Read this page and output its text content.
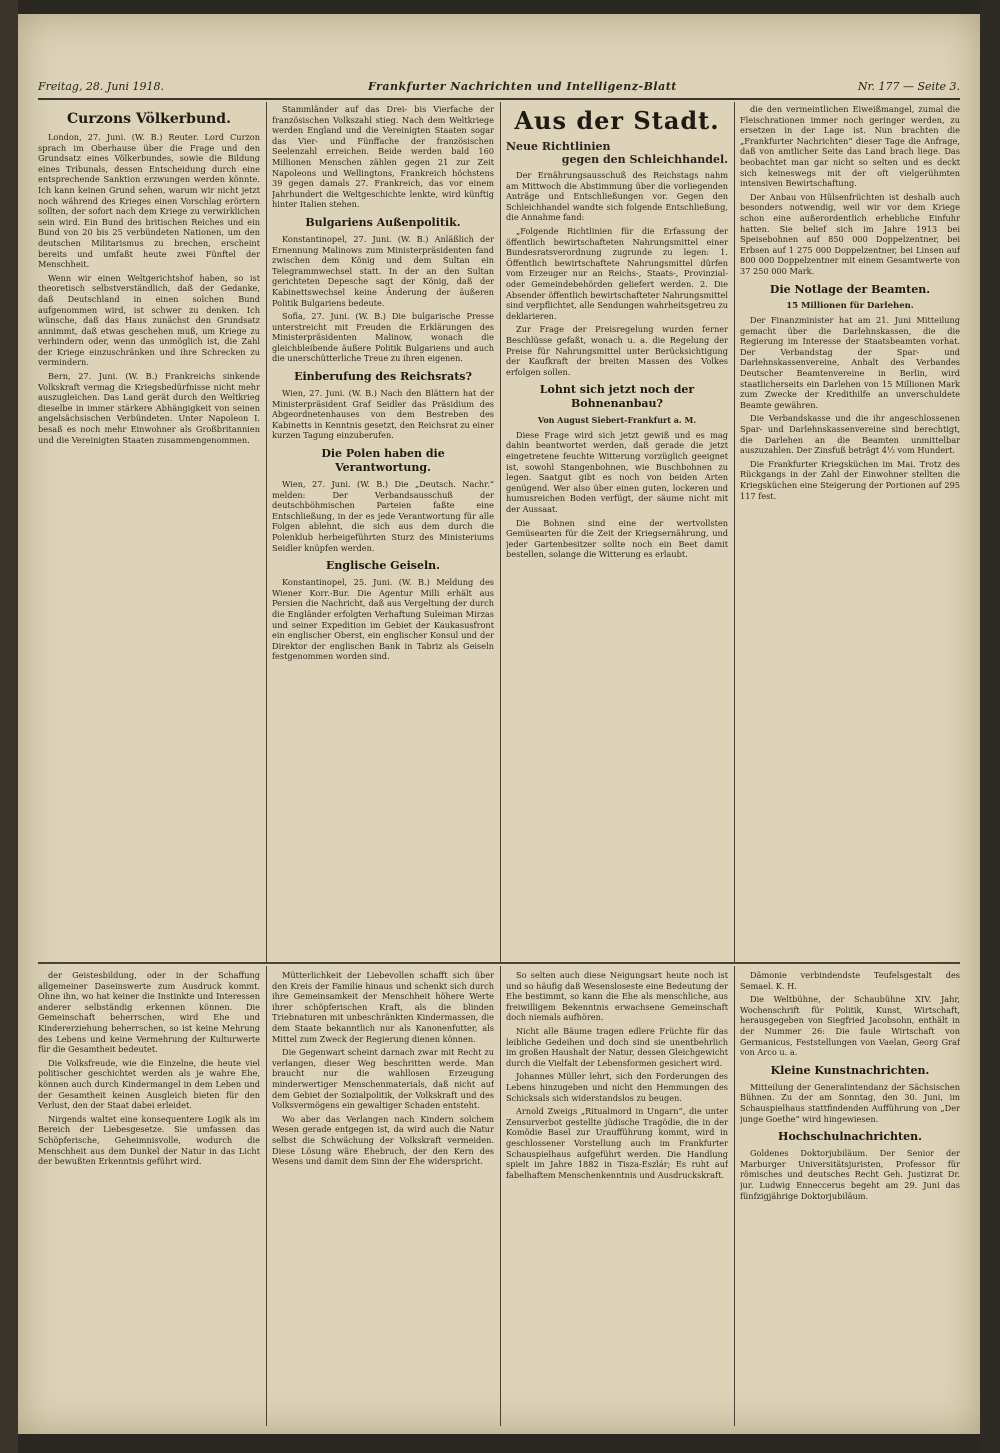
Freitag, 28. Juni 1918.	Frankfurter Nachrichten und Intelligenz-Blatt	Nr. 177 — Seite 3.
Curzons Völkerbund.

London, 27. Juni. (W. B.) Reuter. Lord Curzon sprach im Oberhause über die Frage und den Grundsatz eines Völkerbundes, sowie die Bildung eines Tribunals, dessen Entscheidung durch eine entsprechende Sanktion erzwungen werden könnte. Ich kann keinen Grund sehen, warum wir nicht jetzt noch während des Krieges einen Vorschlag erörtern sollten, der sofort nach dem Kriege zu verwirklichen sein wird. Ein Bund des britischen Reiches und ein Bund von 20 bis 25 verbündeten Nationen, um den deutschen Militarismus zu brechen, erscheint bereits und umfaßt heute zwei Fünftel der Menschheit.

Wenn wir einen Weltgerichtshof haben, so ist theoretisch selbstverständlich, daß der Gedanke, daß Deutschland in einen solchen Bund aufgenommen wird, ist schwer zu denken. Ich wünsche, daß das Haus zunächst den Grundsatz annimmt, daß etwas geschehen muß, um Kriege zu verhindern oder, wenn das unmöglich ist, die Zahl der Kriege einzuschränken und ihre Schrecken zu vermindern.

Bern, 27. Juni. (W. B.) Frankreichs sinkende Volkskraft vermag die Kriegsbedürfnisse nicht mehr auszugleichen. Das Land gerät durch den Weltkrieg dieselbe in immer stärkere Abhängigkeit von seinen angelsächsischen Verbündeten. Unter Napoleon I. besaß es noch mehr Einwohner als Großbritannien und die Vereinigten Staaten zusammengenommen.

Stammländer auf das Drei- bis Vierfache der französischen Volkszahl stieg. Nach dem Weltkriege werden England und die Vereinigten Staaten sogar das Vier- und Fünffache der französischen Seelenzahl erreichen. Beide werden bald 160 Millionen Menschen zählen gegen 21 zur Zeit Napoleons und Wellingtons, Frankreich höchstens 39 gegen damals 27. Frankreich, das vor einem Jahrhundert die Weltgeschichte lenkte, wird künftig hinter Italien stehen.

Bulgariens Außenpolitik.

Konstantinopel, 27. Juni. (W. B.) Anläßlich der Ernennung Malinows zum Ministerpräsidenten fand zwischen dem König und dem Sultan ein Telegrammwechsel statt. In der an den Sultan gerichteten Depesche sagt der König, daß der Kabinettswechsel keine Änderung der äußeren Politik Bulgariens bedeute.

Sofia, 27. Juni. (W. B.) Die bulgarische Presse unterstreicht mit Freuden die Erklärungen des Ministerpräsidenten Malinow, wonach die gleichbleibende äußere Politik Bulgariens und auch die unerschütterliche Treue zu ihren eigenen.

Einberufung des Reichsrats?

Wien, 27. Juni. (W. B.) Nach den Blättern hat der Ministerpräsident Graf Seidler das Präsidium des Abgeordnetenhauses von dem Bestreben des Kabinetts in Kenntnis gesetzt, den Reichsrat zu einer kurzen Tagung einzuberufen.

Die Polen haben die Verantwortung.

Wien, 27. Juni. (W. B.) Die „Deutsch. Nachr.“ melden: Der Verbandsausschuß der deutschböhmischen Parteien faßte eine Entschließung, in der es jede Verantwortung für alle Folgen ablehnt, die sich aus dem durch die Polenklub herbeigeführten Sturz des Ministeriums Seidler knüpfen werden.

Englische Geiseln.

Konstantinopel, 25. Juni. (W. B.) Meldung des Wiener Korr.-Bur. Die Agentur Milli erhält aus Persien die Nachricht, daß aus Vergeltung der durch die Engländer erfolgten Verhaftung Suleiman Mirzas und seiner Expedition im Gebiet der Kaukasusfront ein englischer Oberst, ein englischer Konsul und der Direktor der englischen Bank in Tabriz als Geiseln festgenommen worden sind.

Aus der Stadt.
Neue Richtlinien
gegen den Schleichhandel.

Der Ernährungsausschuß des Reichstags nahm am Mittwoch die Abstimmung über die vorliegenden Anträge und Entschließungen vor. Gegen den Schleichhandel wandte sich folgende Entschließung, die Annahme fand:

„Folgende Richtlinien für die Erfassung der öffentlich bewirtschafteten Nahrungsmittel einer Bundesratsverordnung zugrunde zu legen: 1. Öffentlich bewirtschaftete Nahrungsmittel dürfen vom Erzeuger nur an Reichs-, Staats-, Provinzial- oder Gemeindebehörden geliefert werden. 2. Die Absender öffentlich bewirtschafteter Nahrungsmittel sind verpflichtet, alle Sendungen wahrheitsgetreu zu deklarieren.

Zur Frage der Preisregelung wurden ferner Beschlüsse gefaßt, wonach u. a. die Regelung der Preise für Nahrungsmittel unter Berücksichtigung der Kaufkraft der breiten Massen des Volkes erfolgen sollen.

Lohnt sich jetzt noch der Bohnenanbau?
Von August Siebert-Frankfurt a. M.

Diese Frage wird sich jetzt gewiß und es mag dahin beantwortet werden, daß gerade die jetzt eingetretene feuchte Witterung vorzüglich geeignet ist, sowohl Stangenbohnen, wie Buschbohnen zu legen. Saatgut gibt es noch von beiden Arten genügend. Wer also über einen guten, lockeren und humusreichen Boden verfügt, der säume nicht mit der Aussaat.

Die Bohnen sind eine der wertvollsten Gemüsearten für die Zeit der Kriegsernährung, und jeder Gartenbesitzer sollte noch ein Beet damit bestellen, solange die Witterung es erlaubt.

die den vermeintlichen Eiweißmangel, zumal die Fleischrationen immer noch geringer werden, zu ersetzen in der Lage ist. Nun brachten die „Frankfurter Nachrichten“ dieser Tage die Anfrage, daß von amtlicher Seite das Land brach liege. Das beobachtet man gar nicht so selten und es deckt sich keineswegs mit der oft vielgerühmten intensiven Bewirtschaftung.

Der Anbau von Hülsenfrüchten ist deshalb auch besonders notwendig, weil wir vor dem Kriege schon eine außerordentlich erhebliche Einfuhr hatten. Sie belief sich im Jahre 1913 bei Speisebohnen auf 850 000 Doppelzentner, bei Erbsen auf 1 275 000 Doppelzentner, bei Linsen auf 800 000 Doppelzentner mit einem Gesamtwerte von 37 250 000 Mark.

Die Notlage der Beamten.
15 Millionen für Darlehen.

Der Finanzminister hat am 21. Juni Mitteilung gemacht über die Darlehnskassen, die die Regierung im Interesse der Staatsbeamten vorhat. Der Verbandstag der Spar- und Darlehnskassenvereine, Anhalt des Verbandes Deutscher Beamtenvereine in Berlin, wird staatlicherseits ein Darlehen von 15 Millionen Mark zum Zwecke der Kredithilfe an unverschuldete Beamte gewähren.

Die Verbandskasse und die ihr angeschlossenen Spar- und Darlehnskassenvereine sind berechtigt, die Darlehen an die Beamten unmittelbar auszuzahlen. Der Zinsfuß beträgt 4½ vom Hundert.

Die Frankfurter Kriegsküchen im Mai. Trotz des Rückgangs in der Zahl der Einwohner stellten die Kriegsküchen eine Steigerung der Portionen auf 295 117 fest.

der Geistesbildung, oder in der Schaffung allgemeiner Daseinswerte zum Ausdruck kommt. Ohne ihn, wo hat keiner die Instinkte und Interessen anderer selbständig erkennen können. Die Gemeinschaft beherrschen, wird Ehe und Kindererziehung beherrschen, so ist keine Mehrung des Lebens und keine Vermehrung der Kulturwerte für die Gesamtheit bedeutet.

Die Volksfreude, wie die Einzelne, die heute viel politischer geschichtet werden als je wahre Ehe, können auch durch Kindermangel in dem Leben und der Gesamtheit keinen Ausgleich bieten für den Verlust, den der Staat dabei erleidet.

Nirgends waltet eine konsequentere Logik als im Bereich der Liebesgesetze. Sie umfassen das Schöpferische, Geheimnisvolle, wodurch die Menschheit aus dem Dunkel der Natur in das Licht der bewußten Erkenntnis geführt wird.

Mütterlichkeit der Liebevollen schafft sich über den Kreis der Familie hinaus und schenkt sich durch ihre Gemeinsamkeit der Menschheit höhere Werte ihrer schöpferischen Kraft, als die blinden Triebnaturen mit unbeschränkten Kindermassen, die dem Staate bekanntlich nur als Kanonenfutter, als Mittel zum Zweck der Regierung dienen können.

Die Gegenwart scheint darnach zwar mit Recht zu verlangen, dieser Weg beschritten werde. Man braucht nur die wahllosen Erzeugung minderwertiger Menschenmaterials, daß nicht auf dem Gebiet der Sozialpolitik, der Volkskraft und des Volksvermögens ein gewaltiger Schaden entsteht.

Wo aber das Verlangen nach Kindern solchem Wesen gerade entgegen ist, da wird auch die Natur selbst die Schwächung der Volkskraft vermeiden. Diese Lösung wäre Ehebruch, der den Kern des Wesens und damit dem Sinn der Ehe widerspricht.

So selten auch diese Neigungsart heute noch ist und so häufig daß Wesensloseste eine Bedeutung der Ehe bestimmt, so kann die Ehe als menschliche, aus freiwilligem Bekenntnis erwachsene Gemeinschaft doch niemals aufhören.

Nicht alle Bäume tragen edlere Früchte für das leibliche Gedeihen und doch sind sie unentbehrlich im großen Haushalt der Natur, dessen Gleichgewicht durch die Vielfalt der Lebensformen gesichert wird.

Johannes Müller lehrt, sich den Forderungen des Lebens hinzugeben und nicht den Hemmungen des Schicksals sich widerstandslos zu beugen.

Arnold Zweigs „Ritualmord in Ungarn“, die unter Zensurverbot gestellte jüdische Tragödie, die in der Komödie Basel zur Uraufführung kommt, wird in geschlossener Vorstellung auch im Frankfurter Schauspielhaus aufgeführt werden. Die Handlung spielt im Jahre 1882 in Tisza-Eszlár; Es ruht auf fabelhaftem Menschenkenntnis und Ausdruckskraft.

Dämonie verbindendste Teufelsgestalt des Semael. K. H.

Die Weltbühne, der Schaubühne XIV. Jahr, Wochenschrift für Politik, Kunst, Wirtschaft, herausgegeben von Siegfried Jacobsohn, enthält in der Nummer 26: Die faule Wirtschaft von Germanicus, Feststellungen von Vaelan, Georg Graf von Arco u. a.

Kleine Kunstnachrichten.

Mitteilung der Generalintendanz der Sächsischen Bühnen. Zu der am Sonntag, den 30. Juni, im Schauspielhaus stattfindenden Aufführung von „Der junge Goethe“ wird hingewiesen.

Hochschulnachrichten.

Goldenes Doktorjubiläum. Der Senior der Marburger Universitätsjuristen, Professor für römisches und deutsches Recht Geh. Justizrat Dr. jur. Ludwig Enneccerus begeht am 29. Juni das fünfzigjährige Doktorjubiläum.
